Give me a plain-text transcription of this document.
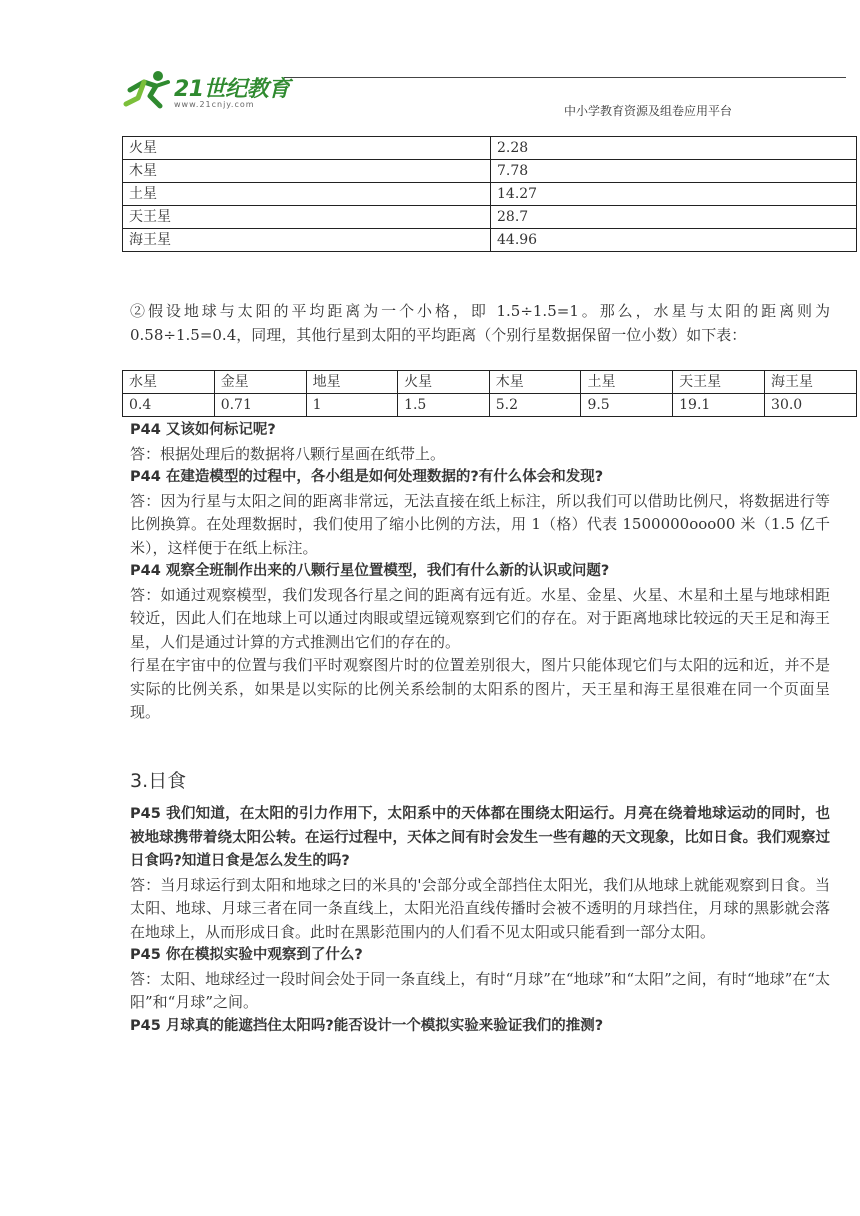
21世纪教育
www.21cnjy.com	中小学教育资源及组卷应用平台
火星	2.28
木星	7.78
土星	14.27
天王星	28.7
海王星	44.96
②假设地球与太阳的平均距离为一个小格，即 1.5÷1.5=1。那么，水星与太阳的距离则为 0.58÷1.5=0.4，同理，其他行星到太阳的平均距离（个别行星数据保留一位小数）如下表：
水星	金星	地星	火星	木星	土星	天王星	海王星
0.4	0.71	1	1.5	5.2	9.5	19.1	30.0
P44 又该如何标记呢?
答：根据处理后的数据将八颗行星画在纸带上。
P44 在建造模型的过程中，各小组是如何处理数据的?有什么体会和发现?
答：因为行星与太阳之间的距离非常远，无法直接在纸上标注，所以我们可以借助比例尺，将数据进行等比例换算。在处理数据时，我们使用了缩小比例的方法，用 1（格）代表 1500000ooo00 米（1.5 亿千米），这样便于在纸上标注。
P44 观察全班制作出来的八颗行星位置模型，我们有什么新的认识或问题?
答：如通过观察模型，我们发现各行星之间的距离有远有近。水星、金星、火星、木星和土星与地球相距较近，因此人们在地球上可以通过肉眼或望远镜观察到它们的存在。对于距离地球比较远的天王足和海王星，人们是通过计算的方式推测出它们的存在的。
行星在宇宙中的位置与我们平时观察图片时的位置差别很大，图片只能体现它们与太阳的远和近，并不是实际的比例关系，如果是以实际的比例关系绘制的太阳系的图片，天王星和海王星很难在同一个页面呈现。
3.日食
P45 我们知道，在太阳的引力作用下，太阳系中的天体都在围绕太阳运行。月亮在绕着地球运动的同时，也被地球携带着绕太阳公转。在运行过程中，天体之间有时会发生一些有趣的天文现象，比如日食。我们观察过日食吗?知道日食是怎么发生的吗?
答：当月球运行到太阳和地球之曰的米具的'会部分或全部挡住太阳光，我们从地球上就能观察到日食。当太阳、地球、月球三者在同一条直线上，太阳光沿直线传播时会被不透明的月球挡住，月球的黑影就会落在地球上，从而形成日食。此时在黑影范围内的人们看不见太阳或只能看到一部分太阳。
P45 你在模拟实验中观察到了什么?
答：太阳、地球经过一段时间会处于同一条直线上，有时“月球”在“地球”和“太阳”之间，有时“地球”在“太阳”和“月球”之间。
P45 月球真的能遮挡住太阳吗?能否设计一个模拟实验来验证我们的推测?
